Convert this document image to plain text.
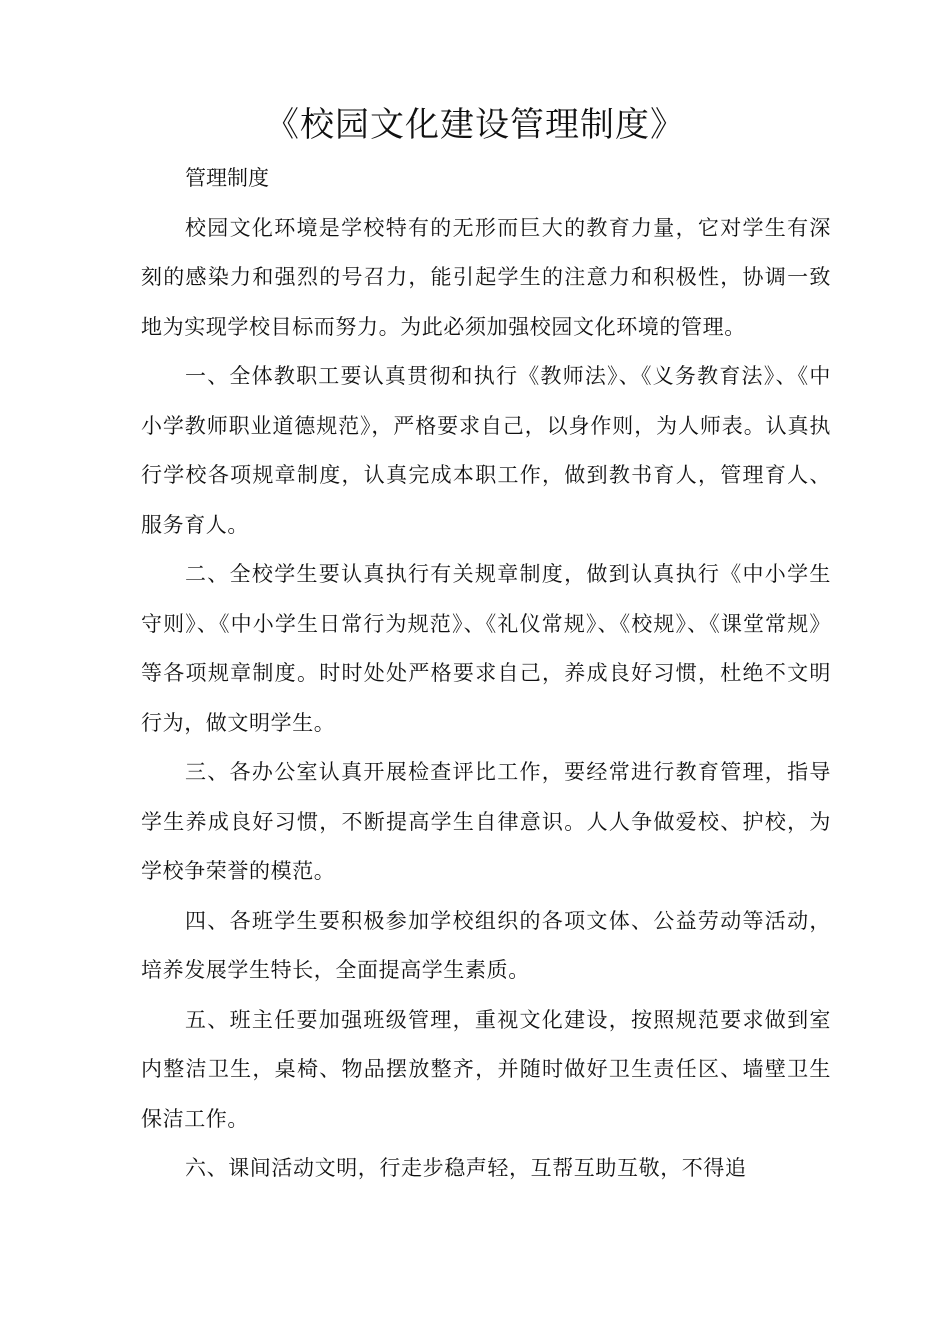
《校园文化建设管理制度》

管理制度

校园文化环境是学校特有的无形而巨大的教育力量，它对学生有深刻的感染力和强烈的号召力，能引起学生的注意力和积极性，协调一致地为实现学校目标而努力。为此必须加强校园文化环境的管理。

一、全体教职工要认真贯彻和执行《教师法》、《义务教育法》、《中小学教师职业道德规范》，严格要求自己，以身作则，为人师表。认真执行学校各项规章制度，认真完成本职工作，做到教书育人，管理育人、服务育人。

二、全校学生要认真执行有关规章制度，做到认真执行《中小学生守则》、《中小学生日常行为规范》、《礼仪常规》、《校规》、《课堂常规》等各项规章制度。时时处处严格要求自己，养成良好习惯，杜绝不文明行为，做文明学生。

三、各办公室认真开展检查评比工作，要经常进行教育管理，指导学生养成良好习惯，不断提高学生自律意识。人人争做爱校、护校，为学校争荣誉的模范。

四、各班学生要积极参加学校组织的各项文体、公益劳动等活动，培养发展学生特长，全面提高学生素质。

五、班主任要加强班级管理，重视文化建设，按照规范要求做到室内整洁卫生，桌椅、物品摆放整齐，并随时做好卫生责任区、墙壁卫生保洁工作。

六、课间活动文明，行走步稳声轻，互帮互助互敬，不得追
